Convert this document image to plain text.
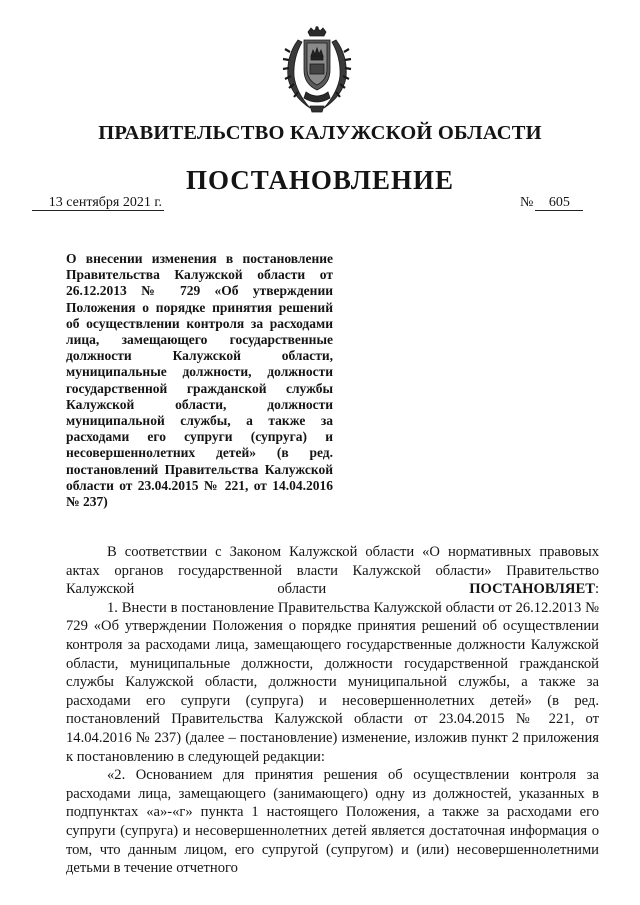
ПРАВИТЕЛЬСТВО КАЛУЖСКОЙ ОБЛАСТИ
ПОСТАНОВЛЕНИЕ
13 сентября 2021 г.	№ 605
О внесении изменения в постановление Правительства Калужской области от 26.12.2013 № 729 «Об утверждении Положения о порядке принятия решений об осуществлении контроля за расходами лица, замещающего государственные должности Калужской области, муниципальные должности, должности государственной гражданской службы Калужской области, должности муниципальной службы, а также за расходами его супруги (супруга) и несовершеннолетних детей» (в ред. постановлений Правительства Калужской области от 23.04.2015 № 221, от 14.04.2016 № 237)

В соответствии с Законом Калужской области «О нормативных правовых актах органов государственной власти Калужской области» Правительство Калужской области ПОСТАНОВЛЯЕТ:

1. Внести в постановление Правительства Калужской области от 26.12.2013 № 729 «Об утверждении Положения о порядке принятия решений об осуществлении контроля за расходами лица, замещающего государственные должности Калужской области, муниципальные должности, должности государственной гражданской службы Калужской области, должности муниципальной службы, а также за расходами его супруги (супруга) и несовершеннолетних детей» (в ред. постановлений Правительства Калужской области от 23.04.2015 № 221, от 14.04.2016 № 237) (далее – постановление) изменение, изложив пункт 2 приложения к постановлению в следующей редакции:

«2. Основанием для принятия решения об осуществлении контроля за расходами лица, замещающего (занимающего) одну из должностей, указанных в подпунктах «а»-«г» пункта 1 настоящего Положения, а также за расходами его супруги (супруга) и несовершеннолетних детей является достаточная информация о том, что данным лицом, его супругой (супругом) и (или) несовершеннолетними детьми в течение отчетного
